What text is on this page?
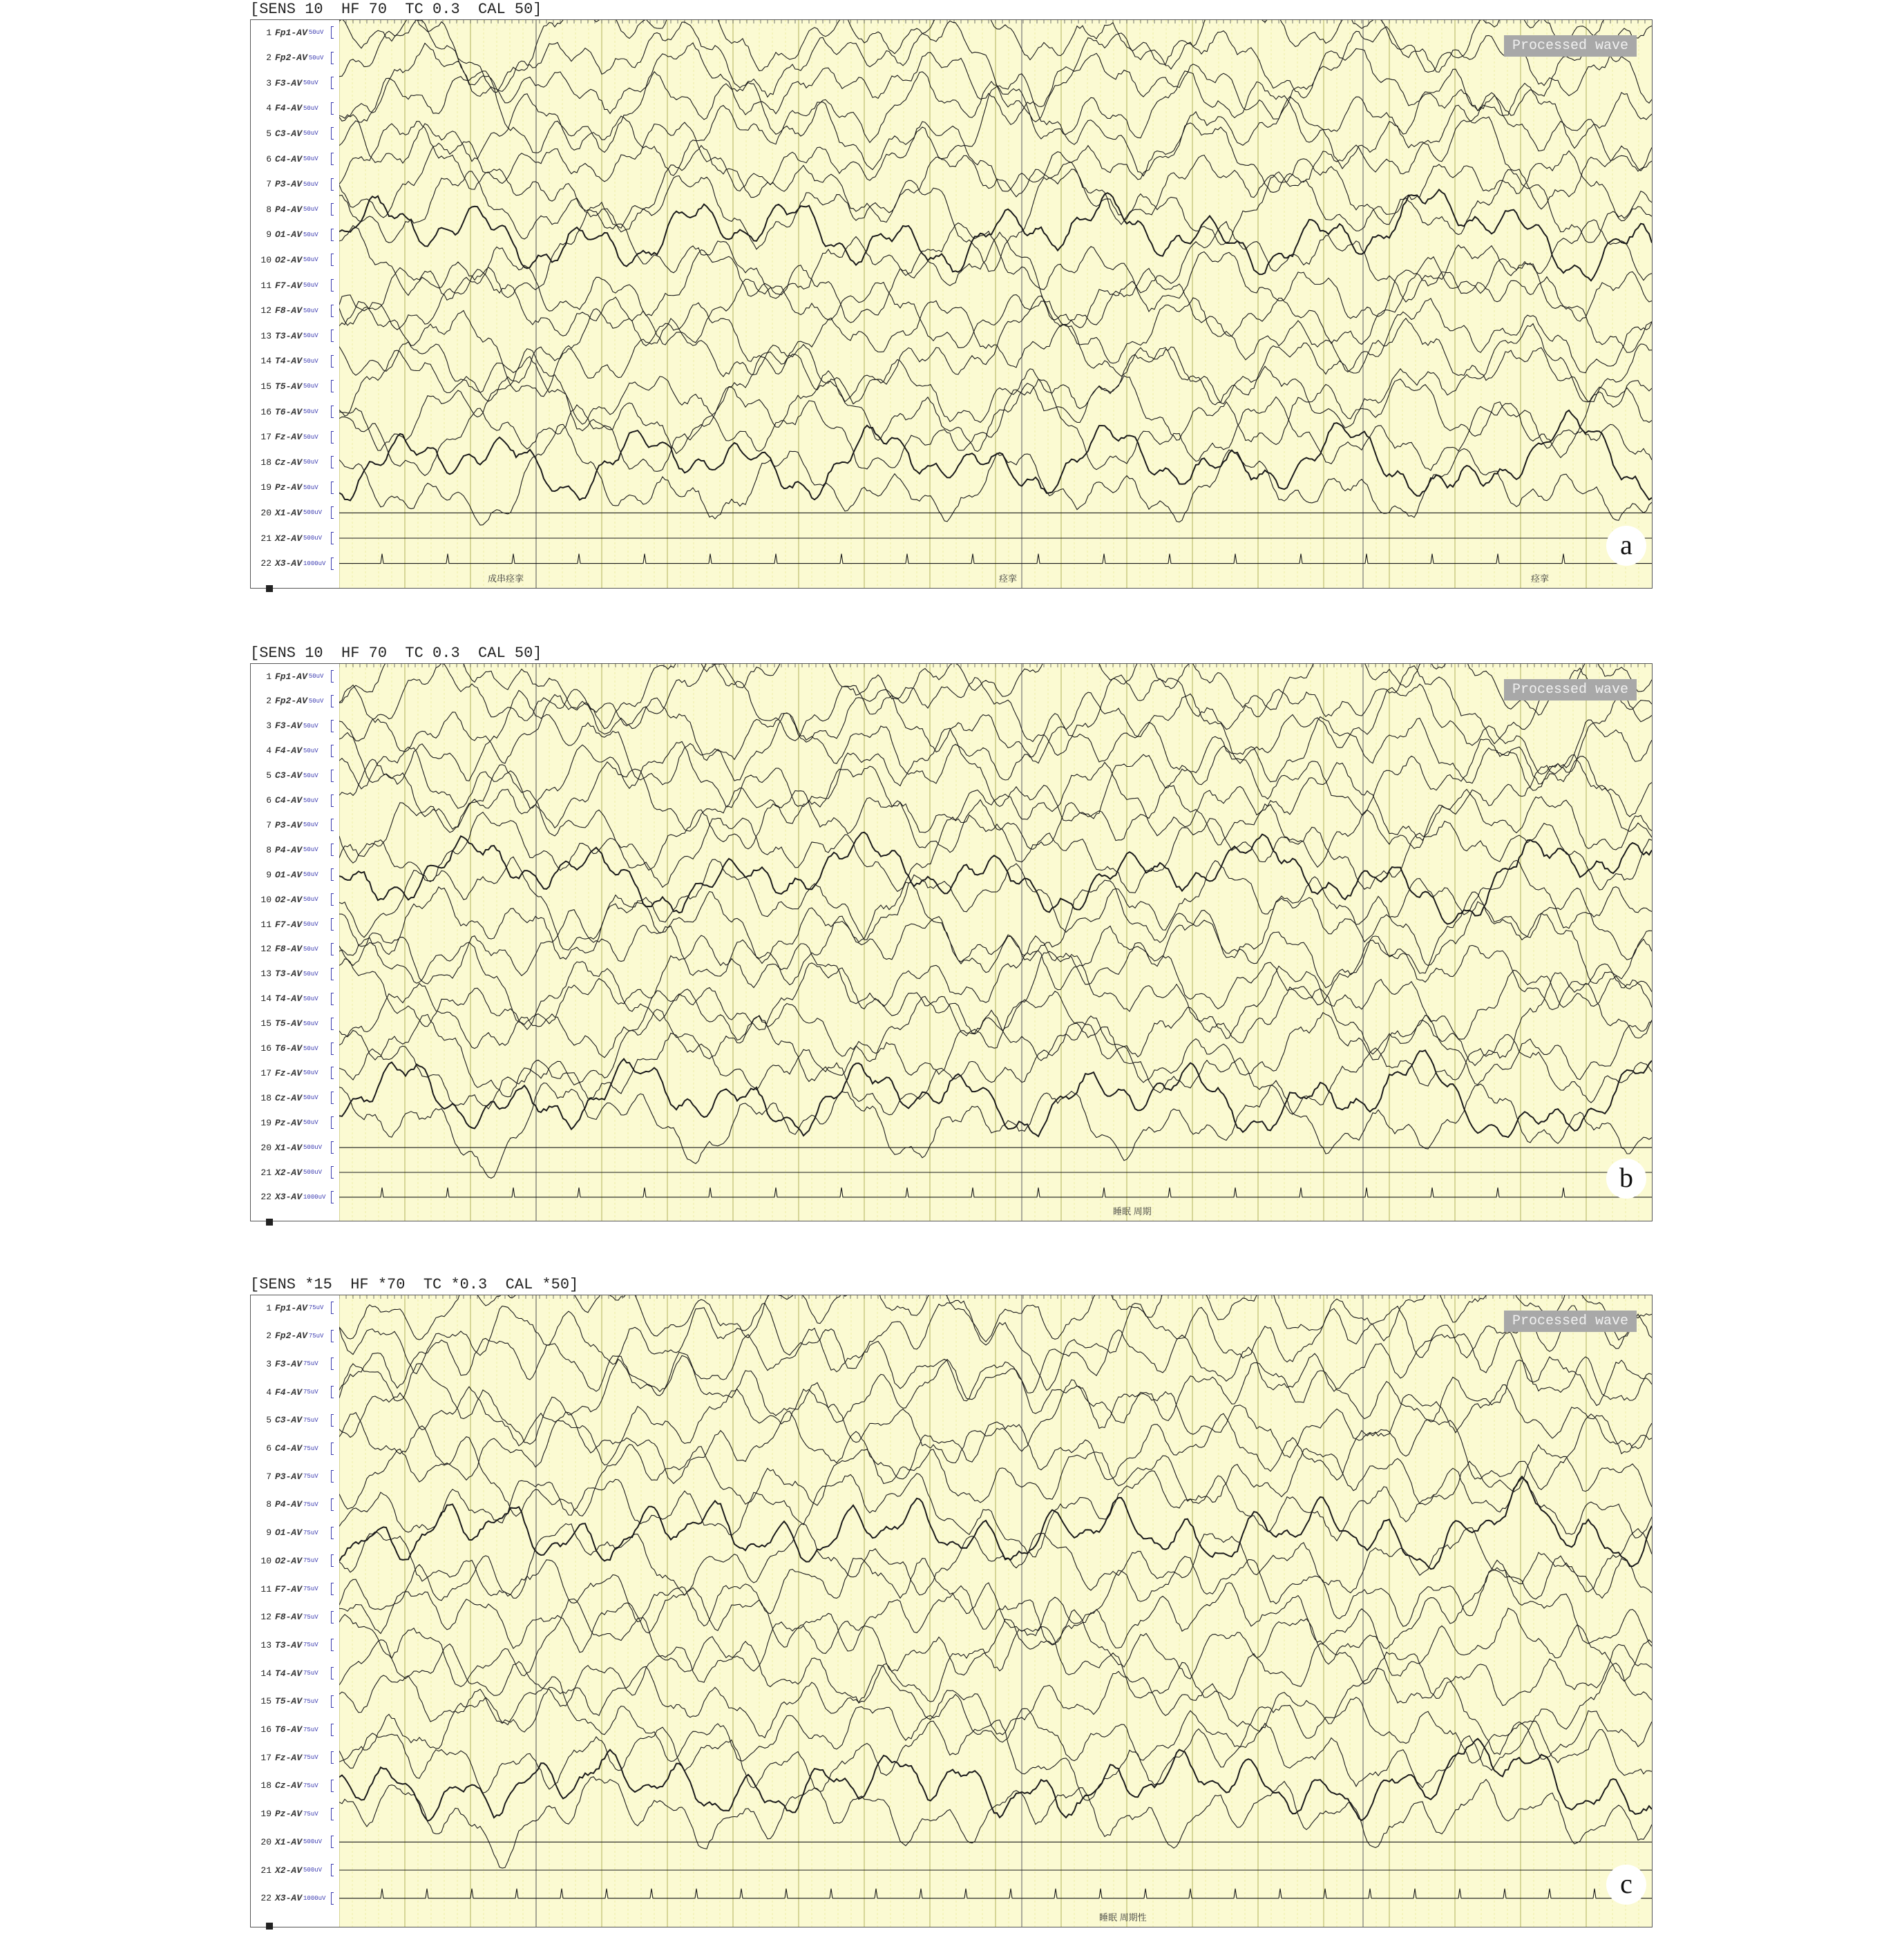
[SENS 10  HF 70  TC 0.3  CAL 50]
1 Fp1-AV 50uV
2 Fp2-AV 50uV
3 F3-AV 50uV
4 F4-AV 50uV
5 C3-AV 50uV
6 C4-AV 50uV
7 P3-AV 50uV
8 P4-AV 50uV
9 O1-AV 50uV
10 O2-AV 50uV
11 F7-AV 50uV
12 F8-AV 50uV
13 T3-AV 50uV
14 T4-AV 50uV
15 T5-AV 50uV
16 T6-AV 50uV
17 Fz-AV 50uV
18 Cz-AV 50uV
19 Pz-AV 50uV
20 X1-AV 500uV
21 X2-AV 500uV
22 X3-AV 1000uV
Processed wave
a
成串痉挛	痉挛	痉挛
[SENS 10  HF 70  TC 0.3  CAL 50]
1 Fp1-AV 50uV
2 Fp2-AV 50uV
3 F3-AV 50uV
4 F4-AV 50uV
5 C3-AV 50uV
6 C4-AV 50uV
7 P3-AV 50uV
8 P4-AV 50uV
9 O1-AV 50uV
10 O2-AV 50uV
11 F7-AV 50uV
12 F8-AV 50uV
13 T3-AV 50uV
14 T4-AV 50uV
15 T5-AV 50uV
16 T6-AV 50uV
17 Fz-AV 50uV
18 Cz-AV 50uV
19 Pz-AV 50uV
20 X1-AV 500uV
21 X2-AV 500uV
22 X3-AV 1000uV
Processed wave
b
睡眠 周期
[SENS *15  HF *70  TC *0.3  CAL *50]
1 Fp1-AV 75uV
2 Fp2-AV 75uV
3 F3-AV 75uV
4 F4-AV 75uV
5 C3-AV 75uV
6 C4-AV 75uV
7 P3-AV 75uV
8 P4-AV 75uV
9 O1-AV 75uV
10 O2-AV 75uV
11 F7-AV 75uV
12 F8-AV 75uV
13 T3-AV 75uV
14 T4-AV 75uV
15 T5-AV 75uV
16 T6-AV 75uV
17 Fz-AV 75uV
18 Cz-AV 75uV
19 Pz-AV 75uV
20 X1-AV 500uV
21 X2-AV 500uV
22 X3-AV 1000uV
Processed wave
c
睡眠 周期性
